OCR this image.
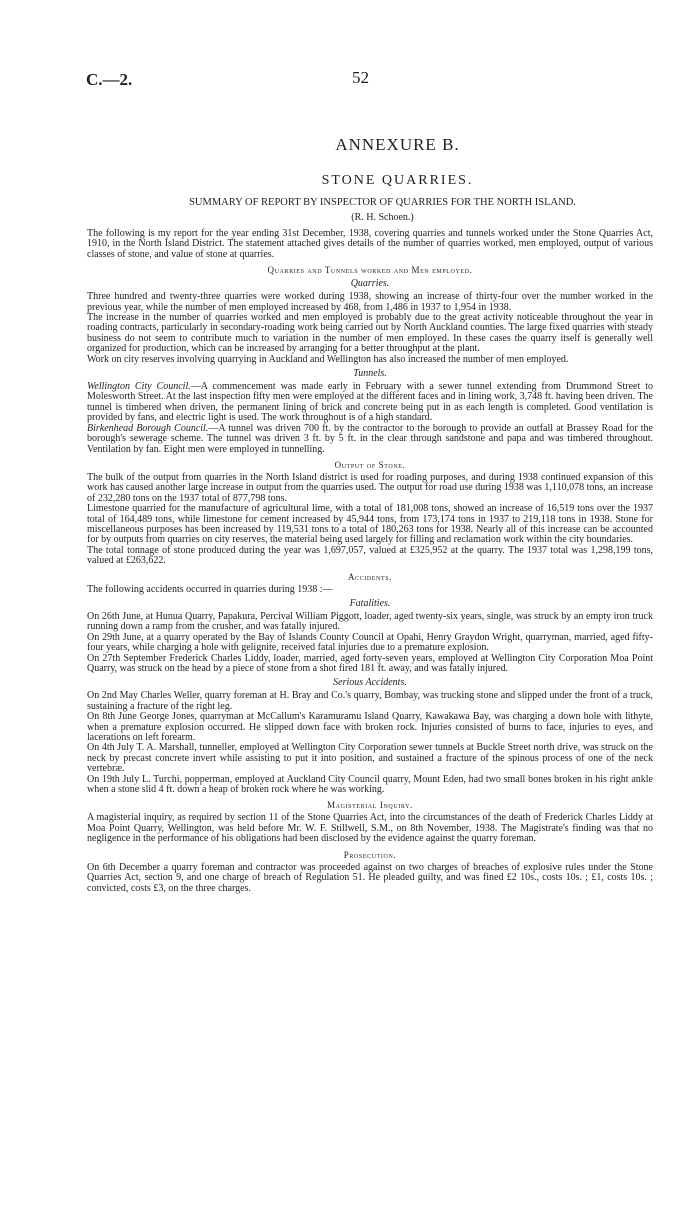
C.—2.	52
ANNEXURE B.
STONE QUARRIES.
SUMMARY OF REPORT BY INSPECTOR OF QUARRIES FOR THE NORTH ISLAND.
(R. H. Schoen.)

The following is my report for the year ending 31st December, 1938, covering quarries and tunnels worked under the Stone Quarries Act, 1910, in the North Island District. The statement attached gives details of the number of quarries worked, men employed, output of various classes of stone, and value of stone at quarries.

Quarries and Tunnels worked and Men employed.
Quarries.

Three hundred and twenty-three quarries were worked during 1938, showing an increase of thirty-four over the number worked in the previous year, while the number of men employed increased by 468, from 1,486 in 1937 to 1,954 in 1938.

The increase in the number of quarries worked and men employed is probably due to the great activity noticeable throughout the year in roading contracts, particularly in secondary-roading work being carried out by North Auckland counties. The large fixed quarries with steady business do not seem to contribute much to variation in the number of men employed. In these cases the quarry itself is generally well organized for production, which can be increased by arranging for a better throughput at the plant.

Work on city reserves involving quarrying in Auckland and Wellington has also increased the number of men employed.

Tunnels.

Wellington City Council.—A commencement was made early in February with a sewer tunnel extending from Drummond Street to Molesworth Street. At the last inspection fifty men were employed at the different faces and in lining work, 3,748 ft. having been driven. The tunnel is timbered when driven, the permanent lining of brick and concrete being put in as each length is completed. Good ventilation is provided by fans, and electric light is used. The work throughout is of a high standard.

Birkenhead Borough Council.—A tunnel was driven 700 ft. by the contractor to the borough to provide an outfall at Brassey Road for the borough's sewerage scheme. The tunnel was driven 3 ft. by 5 ft. in the clear through sandstone and papa and was timbered throughout. Ventilation by fan. Eight men were employed in tunnelling.

Output of Stone.

The bulk of the output from quarries in the North Island district is used for roading purposes, and during 1938 continued expansion of this work has caused another large increase in output from the quarries used. The output for road use during 1938 was 1,110,078 tons, an increase of 232,280 tons on the 1937 total of 877,798 tons.

Limestone quarried for the manufacture of agricultural lime, with a total of 181,008 tons, showed an increase of 16,519 tons over the 1937 total of 164,489 tons, while limestone for cement increased by 45,944 tons, from 173,174 tons in 1937 to 219,118 tons in 1938. Stone for miscellaneous purposes has been increased by 119,531 tons to a total of 180,263 tons for 1938. Nearly all of this increase can be accounted for by outputs from quarries on city reserves, the material being used largely for filling and reclamation work within the city boundaries.

The total tonnage of stone produced during the year was 1,697,057, valued at £325,952 at the quarry. The 1937 total was 1,298,199 tons, valued at £263,622.

Accidents.

The following accidents occurred in quarries during 1938 :—

Fatalities.

On 26th June, at Hunua Quarry, Papakura, Percival William Piggott, loader, aged twenty-six years, single, was struck by an empty iron truck running down a ramp from the crusher, and was fatally injured.

On 29th June, at a quarry operated by the Bay of Islands County Council at Opahi, Henry Graydon Wright, quarryman, married, aged fifty-four years, while charging a hole with gelignite, received fatal injuries due to a premature explosion.

On 27th September Frederick Charles Liddy, loader, married, aged forty-seven years, employed at Wellington City Corporation Moa Point Quarry, was struck on the head by a piece of stone from a shot fired 181 ft. away, and was fatally injured.

Serious Accidents.

On 2nd May Charles Weller, quarry foreman at H. Bray and Co.'s quarry, Bombay, was trucking stone and slipped under the front of a truck, sustaining a fracture of the right leg.

On 8th June George Jones, quarryman at McCallum's Karamuramu Island Quarry, Kawakawa Bay, was charging a down hole with lithyte, when a premature explosion occurred. He slipped down face with broken rock. Injuries consisted of burns to face, injuries to eyes, and lacerations on left forearm.

On 4th July T. A. Marshall, tunneller, employed at Wellington City Corporation sewer tunnels at Buckle Street north drive, was struck on the neck by precast concrete invert while assisting to put it into position, and sustained a fracture of the spinous process of one of the neck vertebræ.

On 19th July L. Turchi, popperman, employed at Auckland City Council quarry, Mount Eden, had two small bones broken in his right ankle when a stone slid 4 ft. down a heap of broken rock where he was working.

Magisterial Inquiry.

A magisterial inquiry, as required by section 11 of the Stone Quarries Act, into the circumstances of the death of Frederick Charles Liddy at Moa Point Quarry, Wellington, was held before Mr. W. F. Stillwell, S.M., on 8th November, 1938. The Magistrate's finding was that no negligence in the performance of his obligations had been disclosed by the evidence against the quarry foreman.

Prosecution.

On 6th December a quarry foreman and contractor was proceeded against on two charges of breaches of explosive rules under the Stone Quarries Act, section 9, and one charge of breach of Regulation 51. He pleaded guilty, and was fined £2 10s., costs 10s. ; £1, costs 10s. ; convicted, costs £3, on the three charges.
